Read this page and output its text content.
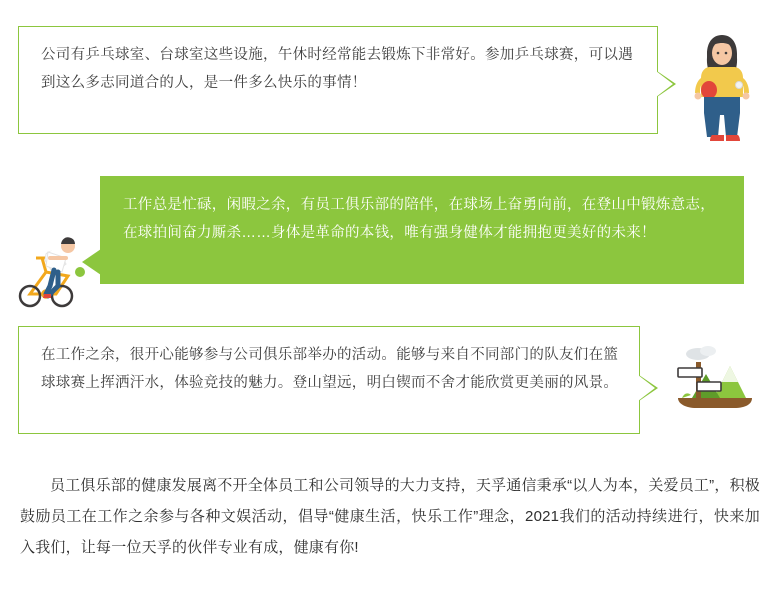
公司有乒乓球室、台球室这些设施，午休时经常能去锻炼下非常好。参加乒乓球赛，可以遇到这么多志同道合的人，是一件多么快乐的事情！
工作总是忙碌，闲暇之余，有员工俱乐部的陪伴，在球场上奋勇向前，在登山中锻炼意志，在球拍间奋力厮杀……身体是革命的本钱，唯有强身健体才能拥抱更美好的未来！
在工作之余，很开心能够参与公司俱乐部举办的活动。能够与来自不同部门的队友们在篮球球赛上挥洒汗水，体验竞技的魅力。登山望远，明白锲而不舍才能欣赏更美丽的风景。

员工俱乐部的健康发展离不开全体员工和公司领导的大力支持，天孚通信秉承“以人为本，关爱员工”，积极鼓励员工在工作之余参与各种文娱活动，倡导“健康生活，快乐工作”理念，2021我们的活动持续进行，快来加入我们，让每一位天孚的伙伴专业有成，健康有你!
